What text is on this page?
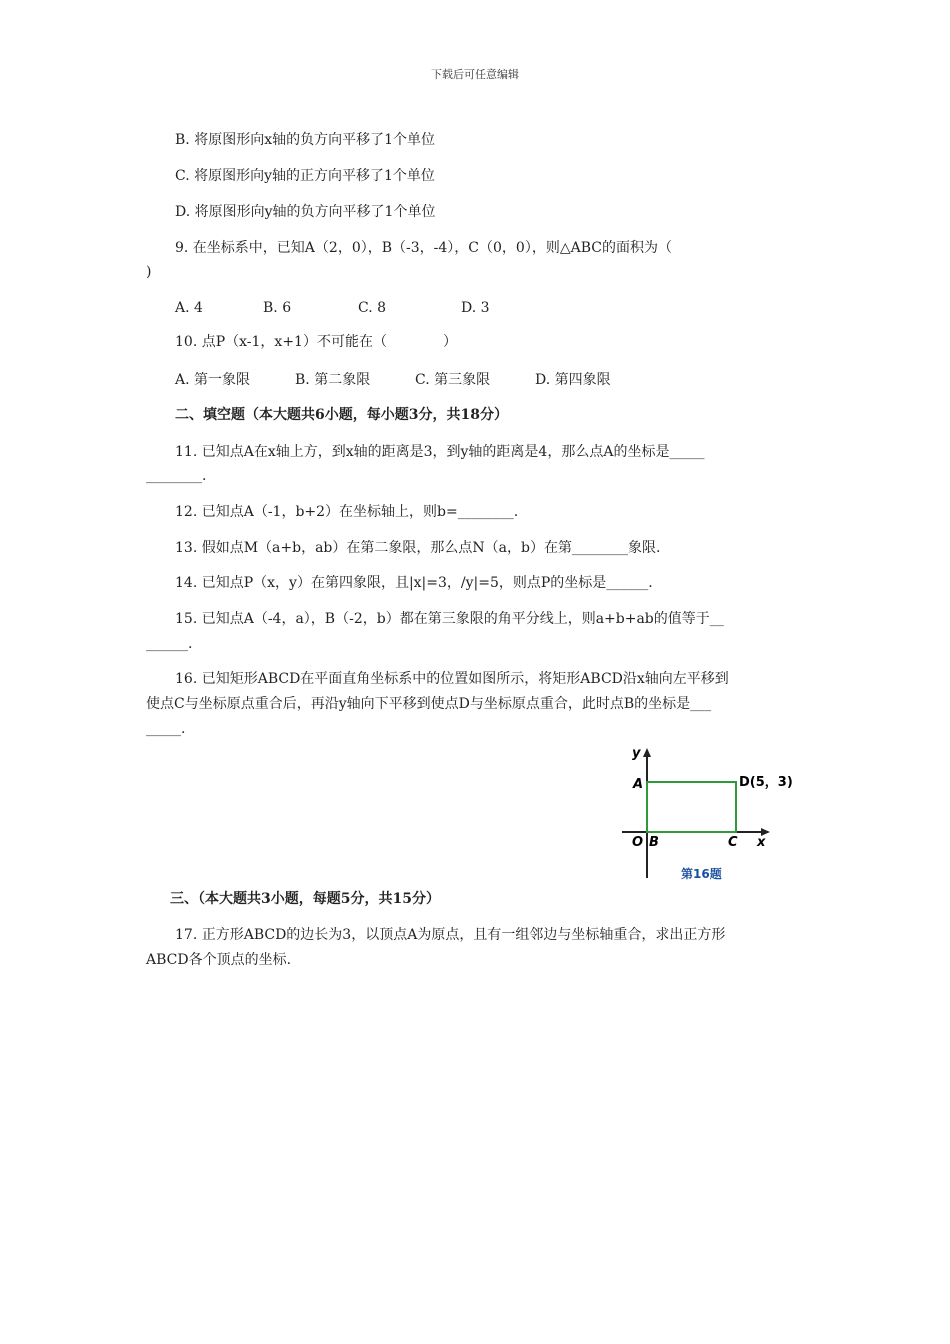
下载后可任意编辑
B. 将原图形向x轴的负方向平移了1个单位
C. 将原图形向y轴的正方向平移了1个单位
D. 将原图形向y轴的负方向平移了1个单位
9. 在坐标系中，已知A（2，0），B（-3，-4），C（0，0），则△ABC的面积为（
)
A. 4	B. 6	C. 8	D. 3
10. 点P（x-1，x+1）不可能在（　　　　）
A. 第一象限	B. 第二象限	C. 第三象限	D. 第四象限
二、填空题（本大题共6小题，每小题3分，共18分）
11. 已知点A在x轴上方，到x轴的距离是3，到y轴的距离是4，那么点A的坐标是_____
________.
12. 已知点A（-1，b+2）在坐标轴上，则b=________.
13. 假如点M（a+b，ab）在第二象限，那么点N（a，b）在第________象限.
14. 已知点P（x，y）在第四象限，且|x|=3，/y|=5，则点P的坐标是______.
15. 已知点A（-4，a），B（-2，b）都在第三象限的角平分线上，则a+b+ab的值等于__
______.
16. 已知矩形ABCD在平面直角坐标系中的位置如图所示，将矩形ABCD沿x轴向左平移到
使点C与坐标原点重合后，再沿y轴向下平移到使点D与坐标原点重合，此时点B的坐标是___
_____.
y
x
A
O B	C
D(5，3)
第16题
三、（本大题共3小题，每题5分，共15分）
17. 正方形ABCD的边长为3，以顶点A为原点，且有一组邻边与坐标轴重合，求出正方形
ABCD各个顶点的坐标.
